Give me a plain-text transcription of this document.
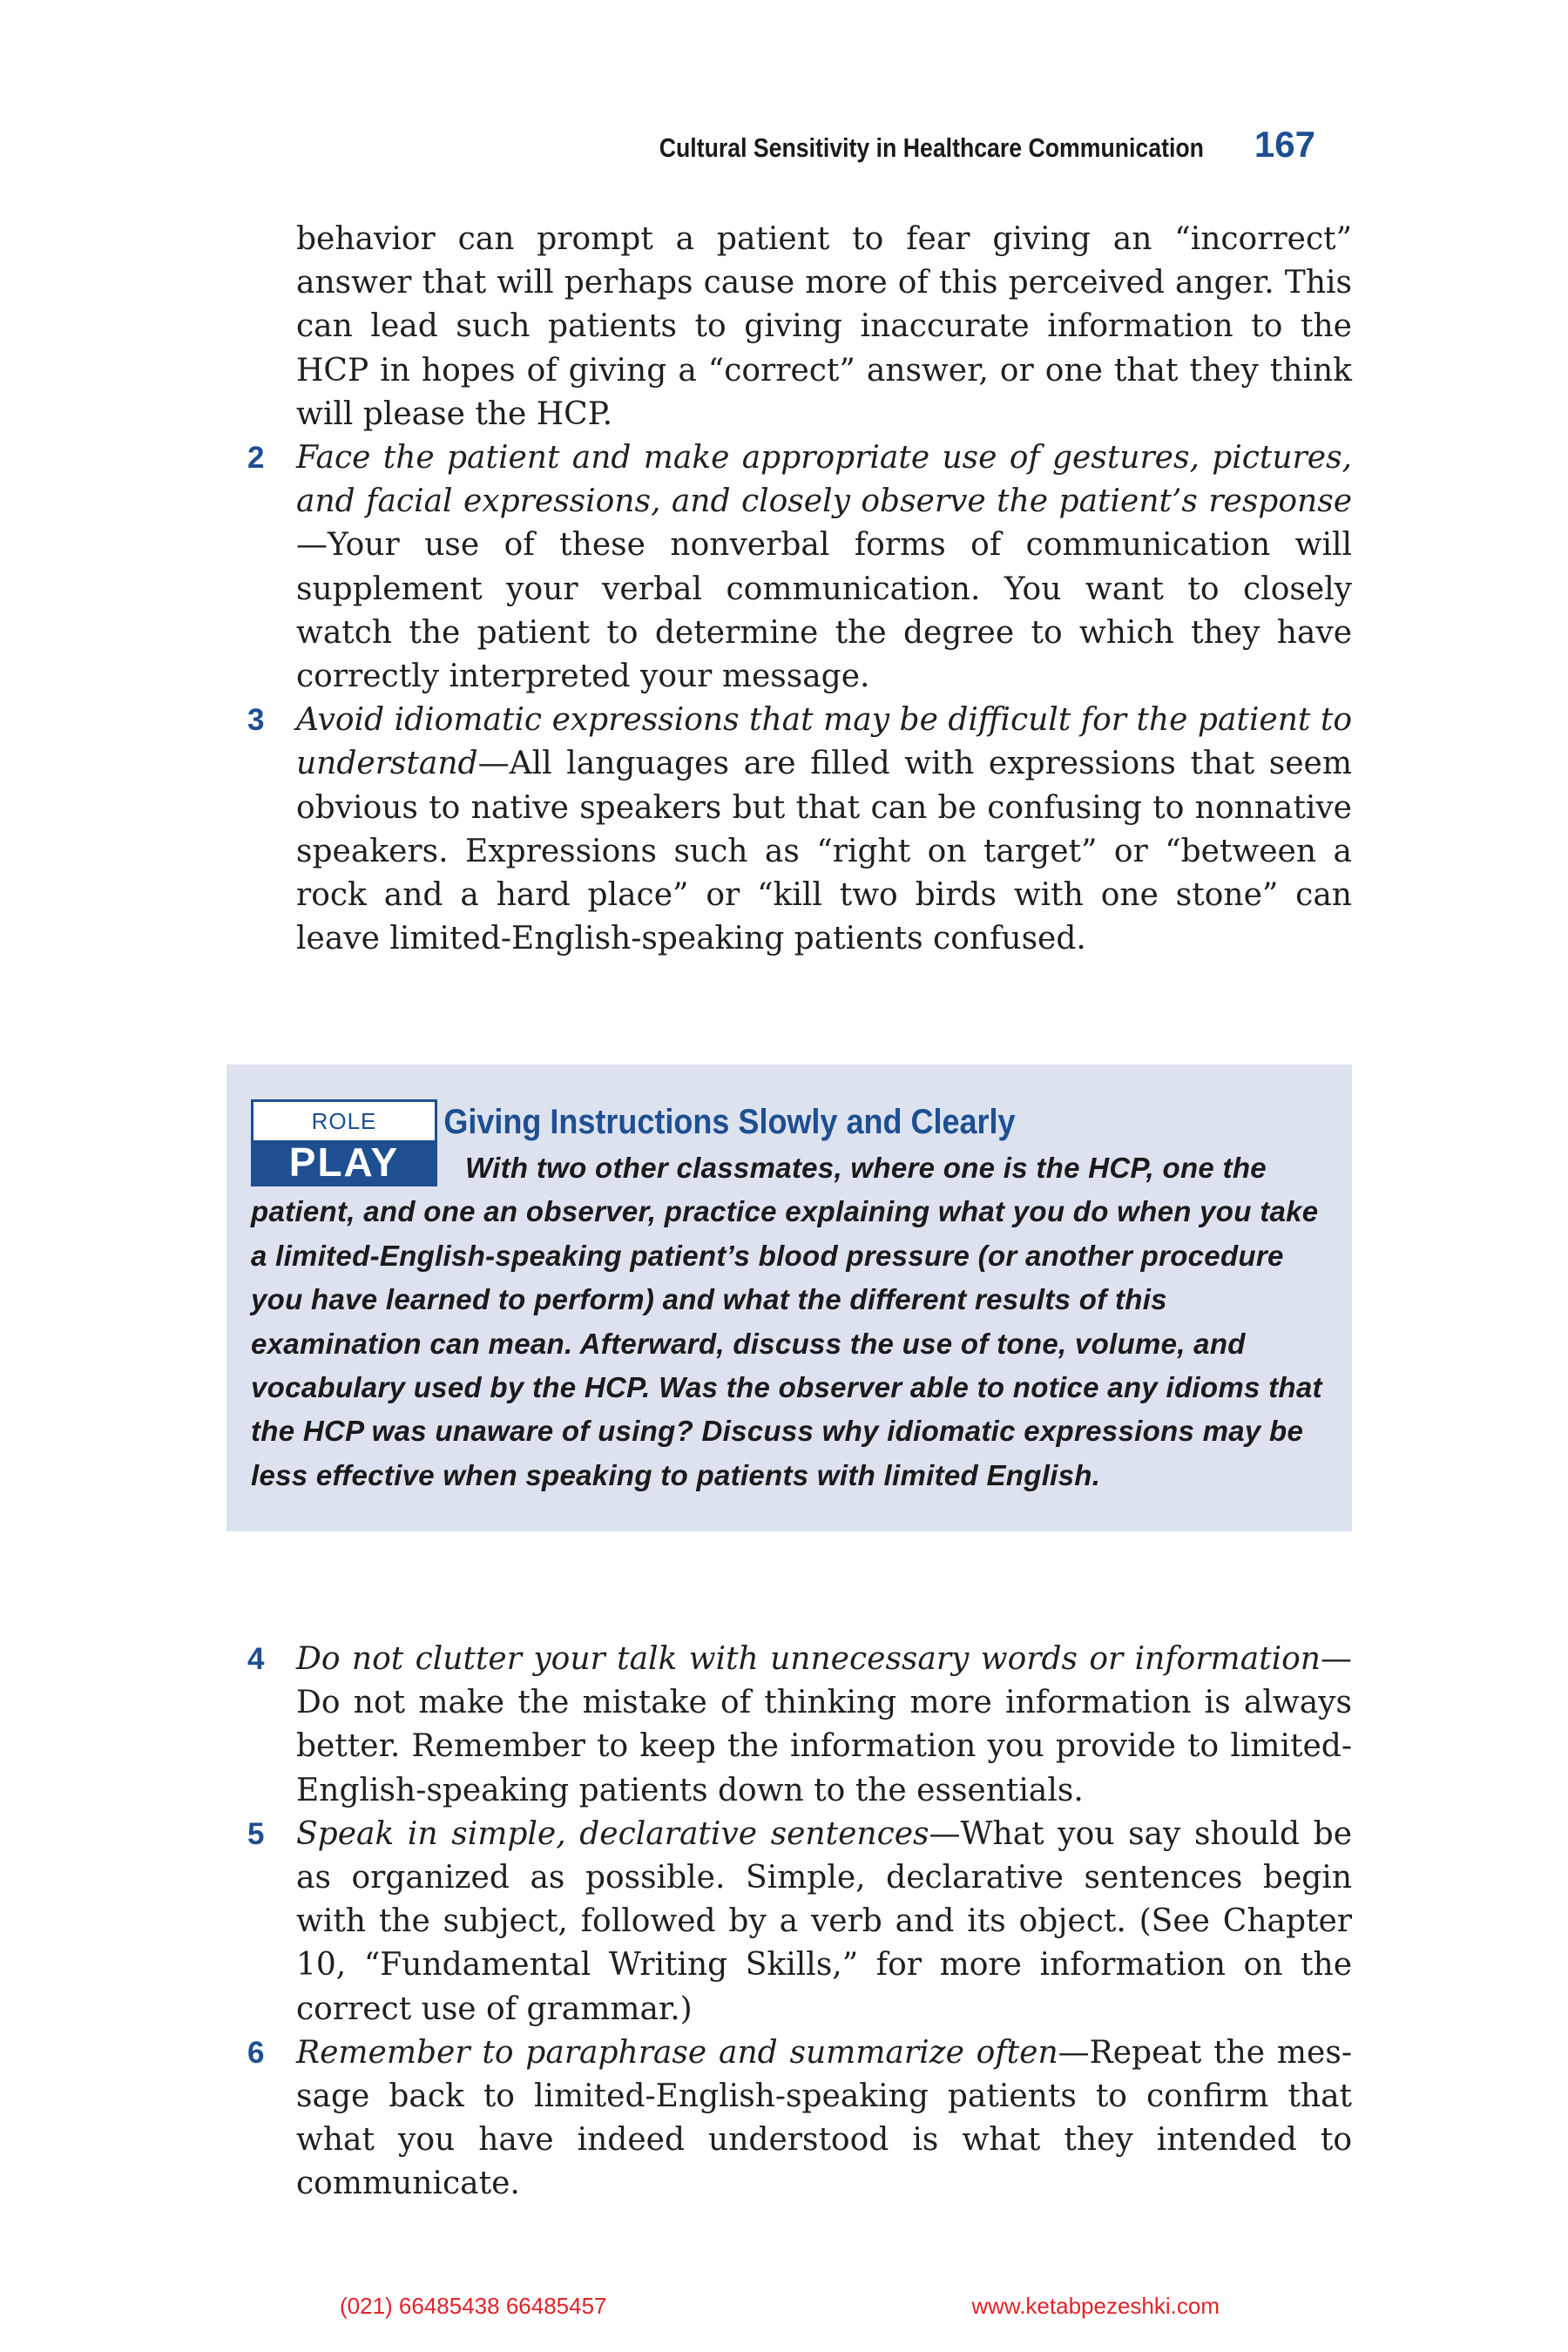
Cultural Sensitivity in Healthcare Communication 167

behavior can prompt a patient to fear giving an “incorrect” answer that will perhaps cause more of this perceived anger. This can lead such patients to giving inaccurate information to the HCP in hopes of giving a “correct” answer, or one that they think will please the HCP.

2 Face the patient and make appropriate use of gestures, pictures, and facial expressions, and closely observe the patient’s response—Your use of these nonverbal forms of communication will supplement your verbal communication. You want to closely watch the patient to determine the degree to which they have correctly interpreted your message.
3 Avoid idiomatic expressions that may be difficult for the patient to understand—All languages are filled with expressions that seem obvious to native speakers but that can be confusing to nonnative speakers. Expressions such as “right on target” or “between a rock and a hard place” or “kill two birds with one stone” can leave limited-English-speaking patients confused.
ROLE
PLAY
Giving Instructions Slowly and Clearly

With two other classmates, where one is the HCP, one the patient, and one an observer, practice explaining what you do when you take a limited-English-speaking patient’s blood pressure (or another procedure you have learned to perform) and what the different results of this examination can mean. Afterward, discuss the use of tone, volume, and vocabulary used by the HCP. Was the observer able to notice any idioms that the HCP was unaware of using? Discuss why idiomatic expressions may be less effective when speaking to patients with limited English.

4 Do not clutter your talk with unnecessary words or information—Do not make the mistake of thinking more information is always better. Remember to keep the information you provide to limited-English-speaking patients down to the essentials.
5 Speak in simple, declarative sentences—What you say should be as organized as possible. Simple, declarative sentences begin with the subject, followed by a verb and its object. (See Chapter 10, “Fundamental Writing Skills,” for more information on the correct use of grammar.)
6 Remember to paraphrase and summarize often—Repeat the message back to limited-English-speaking patients to confirm that what you have indeed understood is what they intended to communicate.
(021) 66485438 66485457	www.ketabpezeshki.com
